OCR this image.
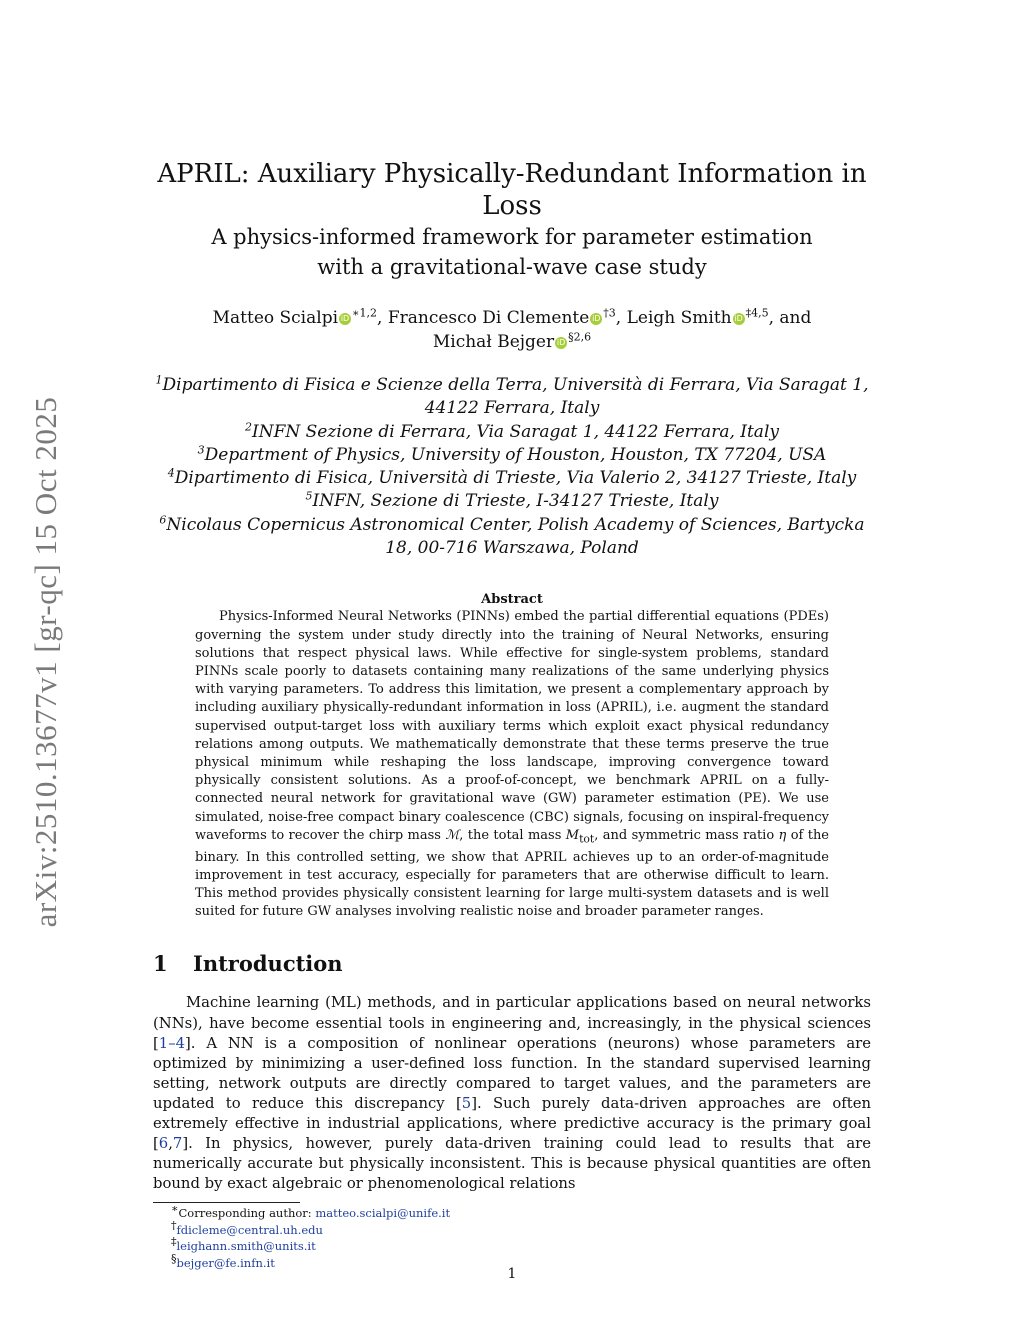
arXiv:2510.13677v1 [gr-qc] 15 Oct 2025
APRIL: Auxiliary Physically-Redundant Information in Loss
A physics-informed framework for parameter estimation with a gravitational-wave case study
Matteo Scialpi iD $^{∗1,2}$, Francesco Di Clemente iD $^{\dagger 3}$, Leigh Smith iD $^{\ddagger 4,5}$, and Michał Bejger iD $^{\S 2,6}$
$^1$Dipartimento di Fisica e Scienze della Terra, Università di Ferrara, Via Saragat 1, 44122 Ferrara, Italy
$^2$INFN Sezione di Ferrara, Via Saragat 1, 44122 Ferrara, Italy
$^3$Department of Physics, University of Houston, Houston, TX 77204, USA
$^4$Dipartimento di Fisica, Università di Trieste, Via Valerio 2, 34127 Trieste, Italy
$^5$INFN, Sezione di Trieste, I-34127 Trieste, Italy
$^6$Nicolaus Copernicus Astronomical Center, Polish Academy of Sciences, Bartycka 18, 00-716 Warszawa, Poland
Abstract
Physics-Informed Neural Networks (PINNs) embed the partial differential equations (PDEs) governing the system under study directly into the training of Neural Networks, ensuring solutions that respect physical laws. While effective for single-system problems, standard PINNs scale poorly to datasets containing many realizations of the same underlying physics with varying parameters. To address this limitation, we present a complementary approach by including auxiliary physically-redundant information in loss (APRIL), i.e. augment the standard supervised output-target loss with auxiliary terms which exploit exact physical redundancy relations among outputs. We mathematically demonstrate that these terms preserve the true physical minimum while reshaping the loss landscape, improving convergence toward physically consistent solutions. As a proof-of-concept, we benchmark APRIL on a fully-connected neural network for gravitational wave (GW) parameter estimation (PE). We use simulated, noise-free compact binary coalescence (CBC) signals, focusing on inspiral-frequency waveforms to recover the chirp mass ℳ, the total mass $M_{tot}$, and symmetric mass ratio η of the binary. In this controlled setting, we show that APRIL achieves up to an order-of-magnitude improvement in test accuracy, especially for parameters that are otherwise difficult to learn. This method provides physically consistent learning for large multi-system datasets and is well suited for future GW analyses involving realistic noise and broader parameter ranges.
1 Introduction
Machine learning (ML) methods, and in particular applications based on neural networks (NNs), have become essential tools in engineering and, increasingly, in the physical sciences [1–4]. A NN is a composition of nonlinear operations (neurons) whose parameters are optimized by minimizing a user-defined loss function. In the standard supervised learning setting, network outputs are directly compared to target values, and the parameters are updated to reduce this discrepancy [5]. Such purely data-driven approaches are often extremely effective in industrial applications, where predictive accuracy is the primary goal [6,7]. In physics, however, purely data-driven training could lead to results that are numerically accurate but physically inconsistent. This is because physical quantities are often bound by exact algebraic or phenomenological relations
∗Corresponding author: matteo.scialpi@unife.it
†fdicleme@central.uh.edu
‡leighann.smith@units.it
§bejger@fe.infn.it
1
